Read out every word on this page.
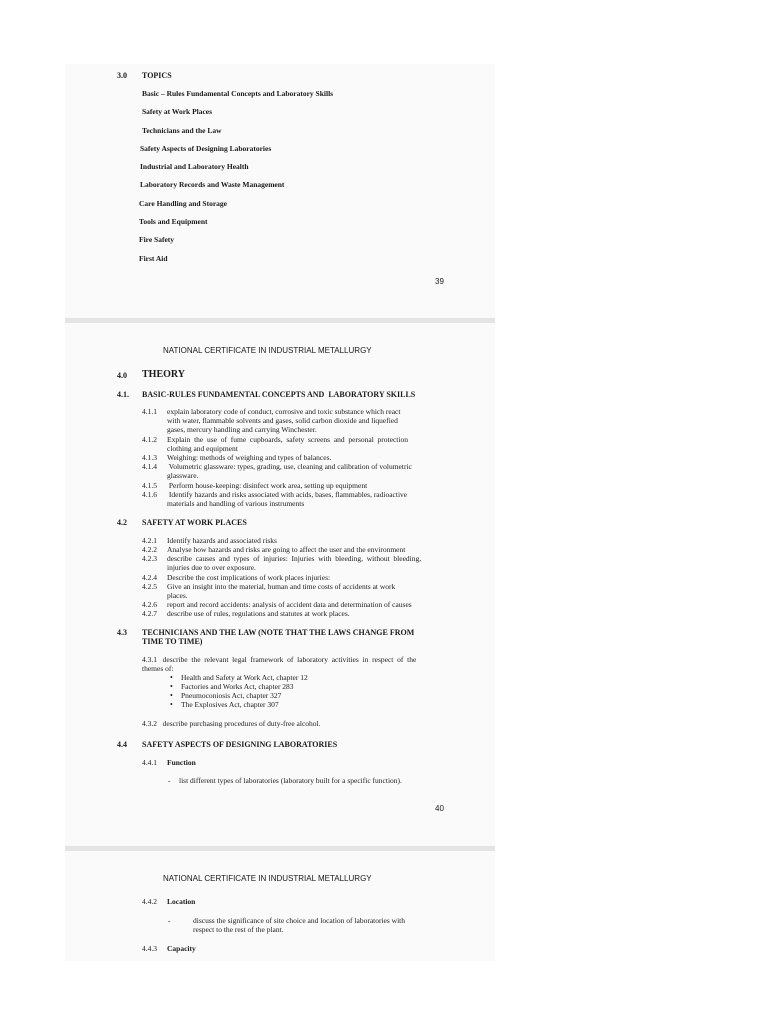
3.0 TOPICS
Basic – Rules Fundamental Concepts and Laboratory Skills
Safety at Work Places
Technicians and the Law
Safety Aspects of Designing Laboratories
Industrial and Laboratory Health
Laboratory Records and Waste Management
Care Handling and Storage
Tools and Equipment
Fire Safety
First Aid
39
NATIONAL CERTIFICATE IN INDUSTRIAL METALLURGY
4.0 THEORY
4.1. BASIC-RULES FUNDAMENTAL CONCEPTS AND  LABORATORY SKILLS
4.1.1 explain laboratory code of conduct, corrosive and toxic substance which react
with water, flammable solvents and gases, solid carbon dioxide and liquefied
gases, mercury handling and carrying Winchester.
4.1.2 Explain  the  use  of  fume  cupboards,  safety  screens  and  personal  protection
clothing and equipment
4.1.3 Weighing: methods of weighing and types of balances.
4.1.4 Volumetric glassware: types, grading, use, cleaning and calibration of volumetric
glassware.
4.1.5 Perform house-keeping: disinfect work area, setting up equipment
4.1.6 Identify hazards and risks associated with acids, bases, flammables, radioactive
materials and handling of various instruments
4.2 SAFETY AT WORK PLACES
4.2.1 Identify hazards and associated risks
4.2.2 Analyse how hazards and risks are going to affect the user and the environment
4.2.3 describe  causes  and  types  of  injuries:  Injuries  with  bleeding,  without  bleeding,
injuries due to over exposure.
4.2.4 Describe the cost implications of work places injuries:
4.2.5 Give an insight into the material, human and time costs of accidents at work
places.
4.2.6 report and record accidents: analysis of accident data and determination of causes
4.2.7 describe use of rules, regulations and statutes at work places.
4.3 TECHNICIANS AND THE LAW (NOTE THAT THE LAWS CHANGE FROM
TIME TO TIME)
4.3.1   describe  the  relevant  legal  framework  of  laboratory  activities  in  respect  of  the
themes of:
• Health and Safety at Work Act, chapter 12
• Factories and Works Act, chapter 283
• Pneumoconiosis Act, chapter 327
• The Explosives Act, chapter 307
4.3.2   describe purchasing procedures of duty-free alcohol.
4.4 SAFETY ASPECTS OF DESIGNING LABORATORIES
4.4.1 Function
- list different types of laboratories (laboratory built for a specific function).
40
NATIONAL CERTIFICATE IN INDUSTRIAL METALLURGY
4.4.2 Location
-	discuss the significance of site choice and location of laboratories with
respect to the rest of the plant.
4.4.3 Capacity
